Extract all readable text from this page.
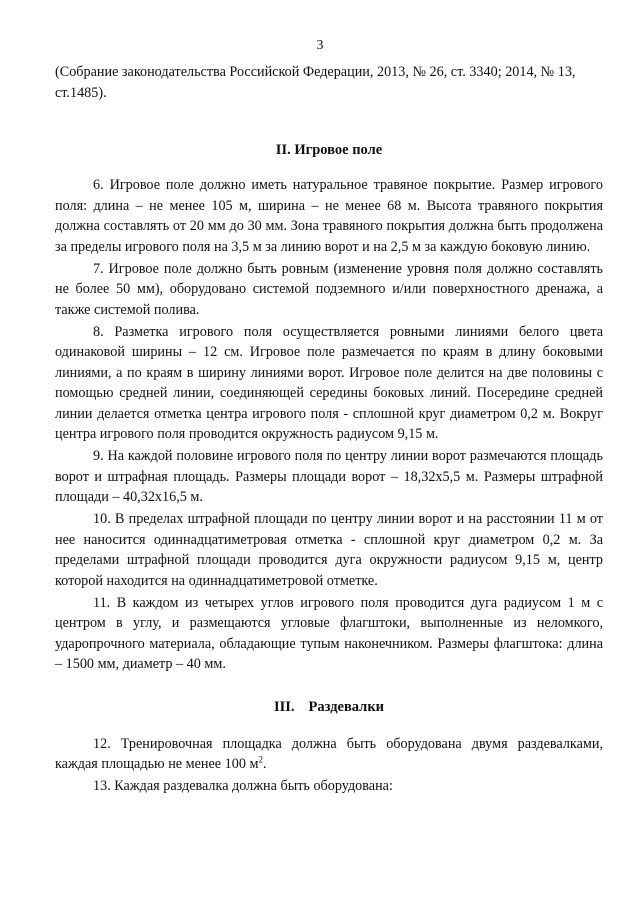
3

(Собрание законодательства Российской Федерации, 2013, № 26, ст. 3340; 2014, № 13, ст.1485).

II. Игровое поле

6. Игровое поле должно иметь натуральное травяное покрытие. Размер игрового поля: длина – не менее 105 м, ширина – не менее 68 м. Высота травяного покрытия должна составлять от 20 мм до 30 мм. Зона травяного покрытия должна быть продолжена за пределы игрового поля на 3,5 м за линию ворот и на 2,5 м за каждую боковую линию.

7. Игровое поле должно быть ровным (изменение уровня поля должно составлять не более 50 мм), оборудовано системой подземного и/или поверхностного дренажа, а также системой полива.

8. Разметка игрового поля осуществляется ровными линиями белого цвета одинаковой ширины – 12 см. Игровое поле размечается по краям в длину боковыми линиями, а по краям в ширину линиями ворот. Игровое поле делится на две половины с помощью средней линии, соединяющей середины боковых линий. Посередине средней линии делается отметка центра игрового поля - сплошной круг диаметром 0,2 м. Вокруг центра игрового поля проводится окружность радиусом 9,15 м.

9. На каждой половине игрового поля по центру линии ворот размечаются площадь ворот и штрафная площадь. Размеры площади ворот – 18,32х5,5 м. Размеры штрафной площади – 40,32х16,5 м.

10. В пределах штрафной площади по центру линии ворот и на расстоянии 11 м от нее наносится одиннадцатиметровая отметка - сплошной круг диаметром 0,2 м. За пределами штрафной площади проводится дуга окружности радиусом 9,15 м, центр которой находится на одиннадцатиметровой отметке.

11. В каждом из четырех углов игрового поля проводится дуга радиусом 1 м с центром в углу, и размещаются угловые флагштоки, выполненные из неломкого, ударопрочного материала, обладающие тупым наконечником. Размеры флагштока: длина – 1500 мм, диаметр – 40 мм.

III. Раздевалки

12. Тренировочная площадка должна быть оборудована двумя раздевалками, каждая площадью не менее 100 $м^2$.

13. Каждая раздевалка должна быть оборудована:
